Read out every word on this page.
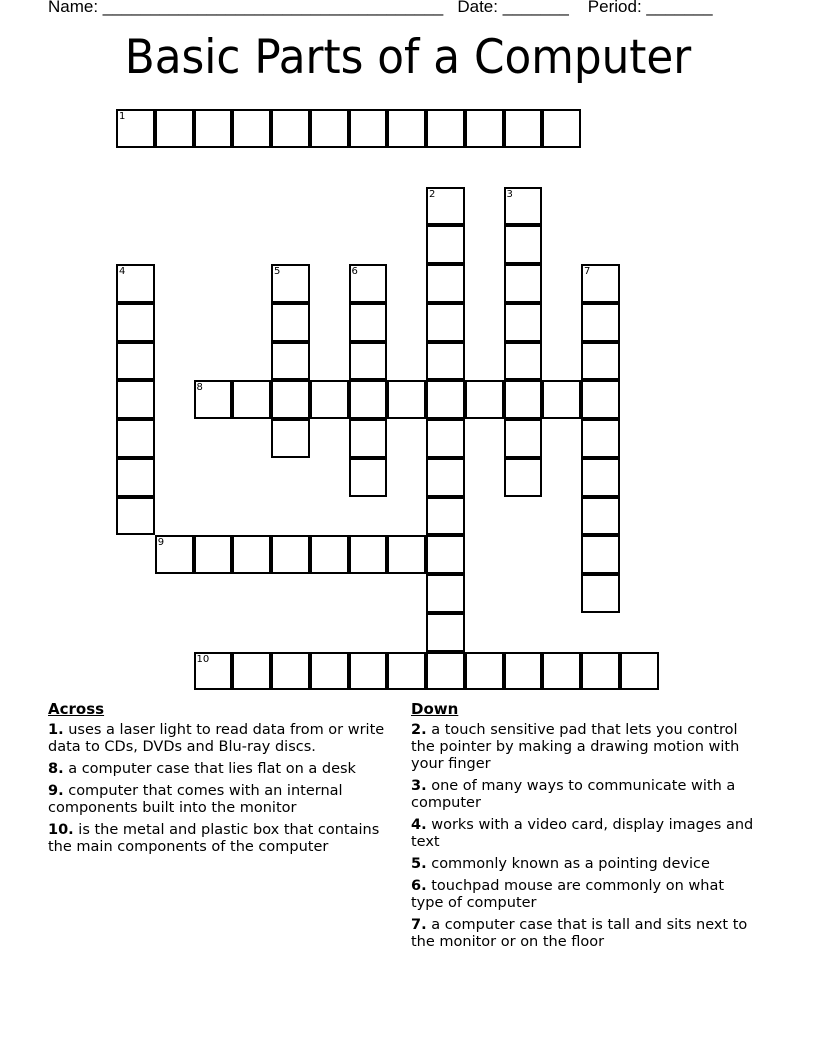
Name: ____________________________________ Date: _______ Period: _______
Basic Parts of a Computer
1
2	3
4	5	6	7
8
9
10
Across
1. uses a laser light to read data from or write data to CDs, DVDs and Blu-ray discs.
8. a computer case that lies flat on a desk
9. computer that comes with an internal components built into the monitor
10. is the metal and plastic box that contains the main components of the computer
Down
2. a touch sensitive pad that lets you control the pointer by making a drawing motion with your finger
3. one of many ways to communicate with a computer
4. works with a video card, display images and text
5. commonly known as a pointing device
6. touchpad mouse are commonly on what type of computer
7. a computer case that is tall and sits next to the monitor or on the floor
